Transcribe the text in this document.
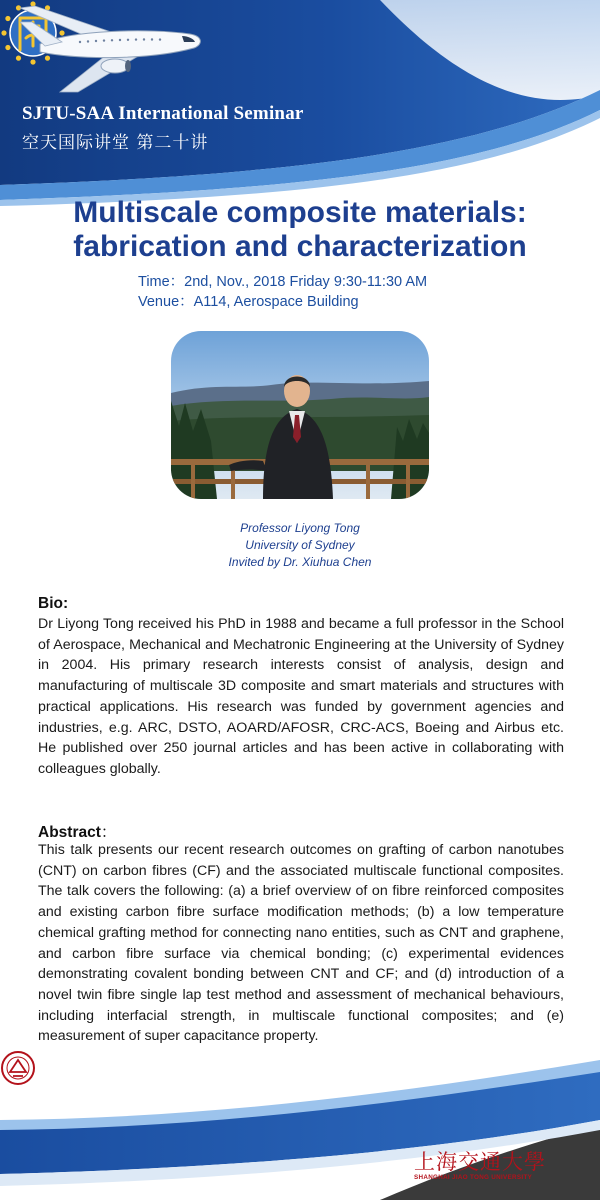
SJTU-SAA International Seminar
空天国际讲堂 第二十讲
Multiscale composite materials:
fabrication and characterization
Time：2nd, Nov., 2018 Friday 9:30-11:30 AM
Venue：A114, Aerospace Building
Professor Liyong Tong
University of Sydney
Invited by Dr. Xiuhua Chen
Bio:
Dr Liyong Tong received his PhD in 1988 and became a full professor in the School of Aerospace, Mechanical and Mechatronic Engineering at the University of Sydney in 2004. His primary research interests consist of analysis, design and manufacturing of multiscale 3D composite and smart materials and structures with practical applications. His research was funded by government agencies and industries, e.g. ARC, DSTO, AOARD/AFOSR, CRC-ACS, Boeing and Airbus etc. He published over 250 journal articles and has been active in collaborating with colleagues globally.
Abstract：
This talk presents our recent research outcomes on grafting of carbon nanotubes (CNT) on carbon fibres (CF) and the associated multiscale functional composites. The talk covers the following: (a) a brief overview of on fibre reinforced composites and existing carbon fibre surface modification methods; (b) a low temperature chemical grafting method for connecting nano entities, such as CNT and graphene, and carbon fibre surface via chemical bonding; (c) experimental evidences demonstrating covalent bonding between CNT and CF; and (d) introduction of a novel twin fibre single lap test method and assessment of mechanical behaviours, including interfacial strength, in multiscale functional composites; and (e) measurement of super capacitance property.
上海交通大學
SHANGHAI JIAO TONG UNIVERSITY
